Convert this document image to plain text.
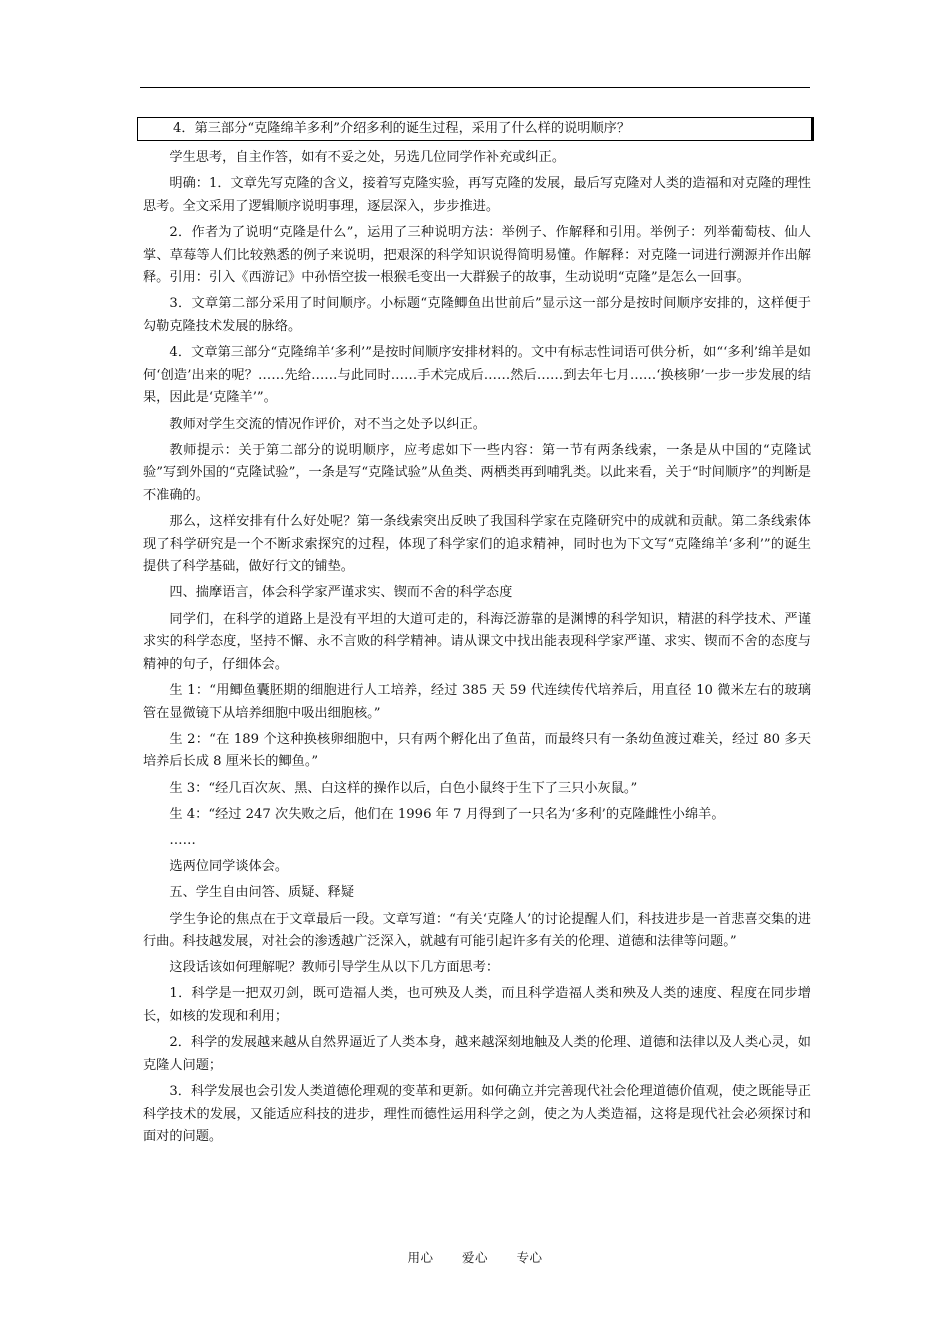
4．第三部分“克隆绵羊多利”介绍多利的诞生过程，采用了什么样的说明顺序？

学生思考，自主作答，如有不妥之处，另选几位同学作补充或纠正。

明确：1．文章先写克隆的含义，接着写克隆实验，再写克隆的发展，最后写克隆对人类的造福和对克隆的理性思考。全文采用了逻辑顺序说明事理，逐层深入，步步推进。

2．作者为了说明“克隆是什么”，运用了三种说明方法：举例子、作解释和引用。举例子：列举葡萄枝、仙人掌、草莓等人们比较熟悉的例子来说明，把艰深的科学知识说得简明易懂。作解释：对克隆一词进行溯源并作出解释。引用：引入《西游记》中孙悟空拔一根猴毛变出一大群猴子的故事，生动说明“克隆”是怎么一回事。

3．文章第二部分采用了时间顺序。小标题“克隆鲫鱼出世前后”显示这一部分是按时间顺序安排的，这样便于勾勒克隆技术发展的脉络。

4．文章第三部分“克隆绵羊‘多利’”是按时间顺序安排材料的。文中有标志性词语可供分析，如“‘多利’绵羊是如何‘创造’出来的呢？……先给……与此同时……手术完成后……然后……到去年七月……‘换核卵’一步一步发展的结果，因此是‘克隆羊’”。

教师对学生交流的情况作评价，对不当之处予以纠正。

教师提示：关于第二部分的说明顺序，应考虑如下一些内容：第一节有两条线索，一条是从中国的“克隆试验”写到外国的“克隆试验”，一条是写“克隆试验”从鱼类、两栖类再到哺乳类。以此来看，关于“时间顺序”的判断是不准确的。

那么，这样安排有什么好处呢？第一条线索突出反映了我国科学家在克隆研究中的成就和贡献。第二条线索体现了科学研究是一个不断求索探究的过程，体现了科学家们的追求精神，同时也为下文写“克隆绵羊‘多利’”的诞生提供了科学基础，做好行文的铺垫。

四、揣摩语言，体会科学家严谨求实、锲而不舍的科学态度

同学们，在科学的道路上是没有平坦的大道可走的，科海泛游靠的是渊博的科学知识，精湛的科学技术、严谨求实的科学态度，坚持不懈、永不言败的科学精神。请从课文中找出能表现科学家严谨、求实、锲而不舍的态度与精神的句子，仔细体会。

生 1：“用鲫鱼囊胚期的细胞进行人工培养，经过 385 天 59 代连续传代培养后，用直径 10 微米左右的玻璃管在显微镜下从培养细胞中吸出细胞核。”

生 2：“在 189 个这种换核卵细胞中，只有两个孵化出了鱼苗，而最终只有一条幼鱼渡过难关，经过 80 多天培养后长成 8 厘米长的鲫鱼。”

生 3：“经几百次灰、黑、白这样的操作以后，白色小鼠终于生下了三只小灰鼠。”

生 4：“经过 247 次失败之后，他们在 1996 年 7 月得到了一只名为‘多利’的克隆雌性小绵羊。

……

选两位同学谈体会。

五、学生自由问答、质疑、释疑

学生争论的焦点在于文章最后一段。文章写道：“有关‘克隆人’的讨论提醒人们，科技进步是一首悲喜交集的进行曲。科技越发展，对社会的渗透越广泛深入，就越有可能引起许多有关的伦理、道德和法律等问题。”

这段话该如何理解呢？教师引导学生从以下几方面思考：

1．科学是一把双刃剑，既可造福人类，也可殃及人类，而且科学造福人类和殃及人类的速度、程度在同步增长，如核的发现和利用；

2．科学的发展越来越从自然界逼近了人类本身，越来越深刻地触及人类的伦理、道德和法律以及人类心灵，如克隆人问题；

3．科学发展也会引发人类道德伦理观的变革和更新。如何确立并完善现代社会伦理道德价值观，使之既能导正科学技术的发展，又能适应科技的进步，理性而德性运用科学之剑，使之为人类造福，这将是现代社会必须探讨和面对的问题。

用心 爱心 专心
